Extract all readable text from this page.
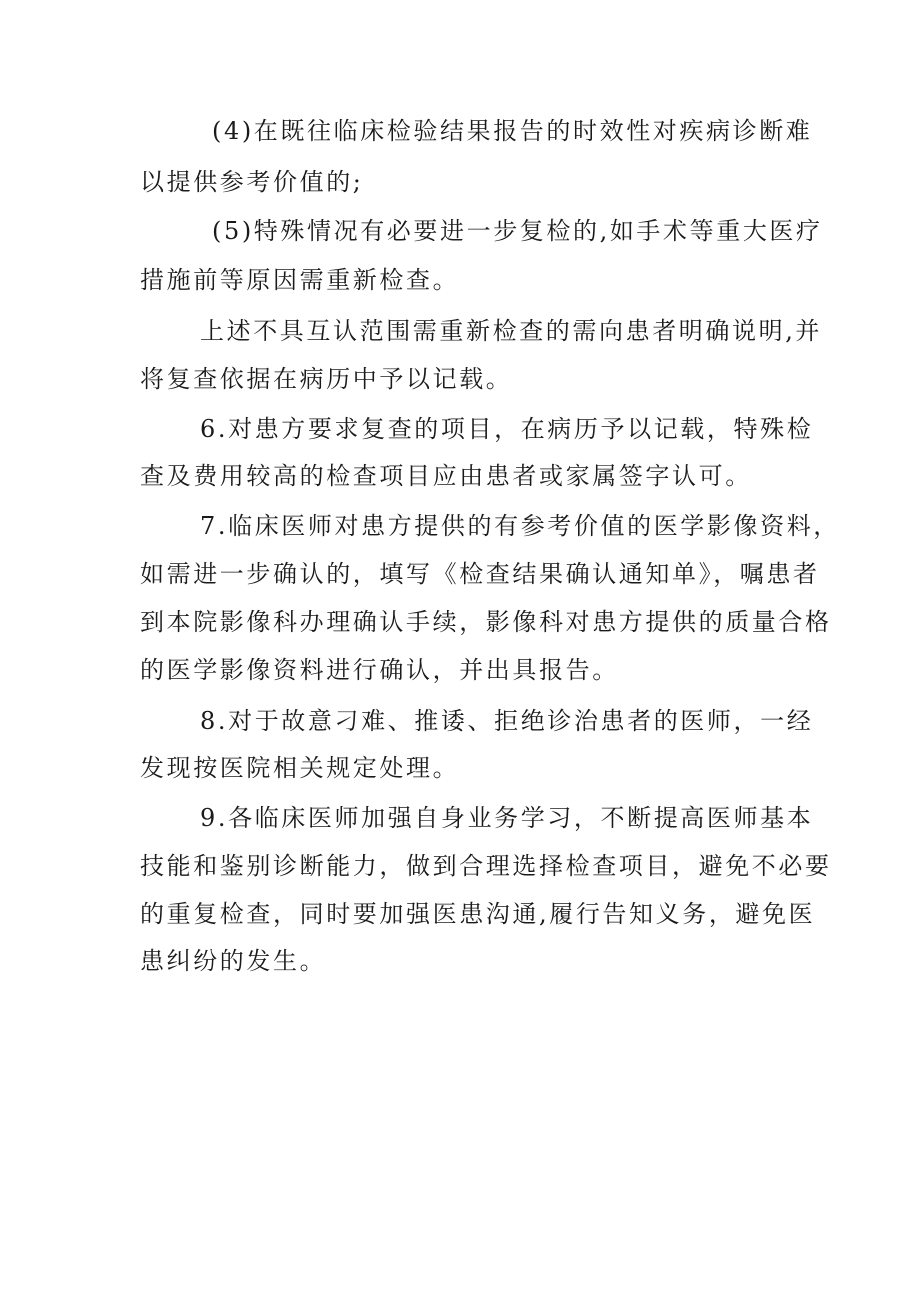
(4)在既往临床检验结果报告的时效性对疾病诊断难
以提供参考价值的;
(5)特殊情况有必要进一步复检的,如手术等重大医疗
措施前等原因需重新检查。
上述不具互认范围需重新检查的需向患者明确说明,并
将复查依据在病历中予以记载。
6.对患方要求复查的项目，在病历予以记载，特殊检
查及费用较高的检查项目应由患者或家属签字认可。
7.临床医师对患方提供的有参考价值的医学影像资料，
如需进一步确认的，填写《检查结果确认通知单》，嘱患者
到本院影像科办理确认手续，影像科对患方提供的质量合格
的医学影像资料进行确认，并出具报告。
8.对于故意刁难、推诿、拒绝诊治患者的医师，一经
发现按医院相关规定处理。
9.各临床医师加强自身业务学习，不断提高医师基本
技能和鉴别诊断能力，做到合理选择检查项目，避免不必要
的重复检查，同时要加强医患沟通,履行告知义务，避免医
患纠纷的发生。
